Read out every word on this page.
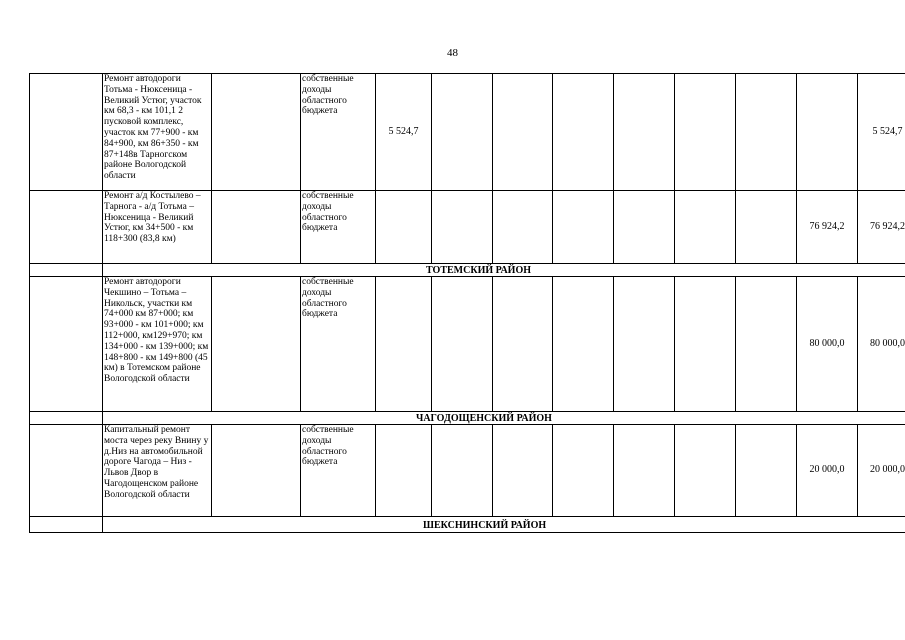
48
	Ремонт автодороги Тотьма - Нюксеница - Великий Устюг, участок км 68,3 - км 101,1 2 пусковой комплекс, участок км 77+900 - км 84+900, км 86+350 - км 87+148в Тарногском районе Вологодской области		собственные доходы областного бюджета	5 524,7								5 524,7
	Ремонт а/д Костылево –Тарнога - а/д Тотьма – Нюксеница - Великий Устюг, км 34+500 - км 118+300 (83,8 км)		собственные доходы областного бюджета								76 924,2	76 924,2
	ТОТЕМСКИЙ РАЙОН											
	Ремонт автодороги Чекшино – Тотьма – Никольск, участки км 74+000 км 87+000; км 93+000 - км 101+000; км 112+000, км129+970; км 134+000 - км 139+000; км 148+800 - км 149+800 (45 км) в Тотемском районе Вологодской области		собственные доходы областного бюджета								80 000,0	80 000,0
	ЧАГОДОЩЕНСКИЙ РАЙОН											
	Капитальный ремонт моста через реку Внину у д.Низ на автомобильной дороге Чагода – Низ - Львов Двор в Чагодощенском районе Вологодской области		собственные доходы областного бюджета								20 000,0	20 000,0
	ШЕКСНИНСКИЙ РАЙОН											
